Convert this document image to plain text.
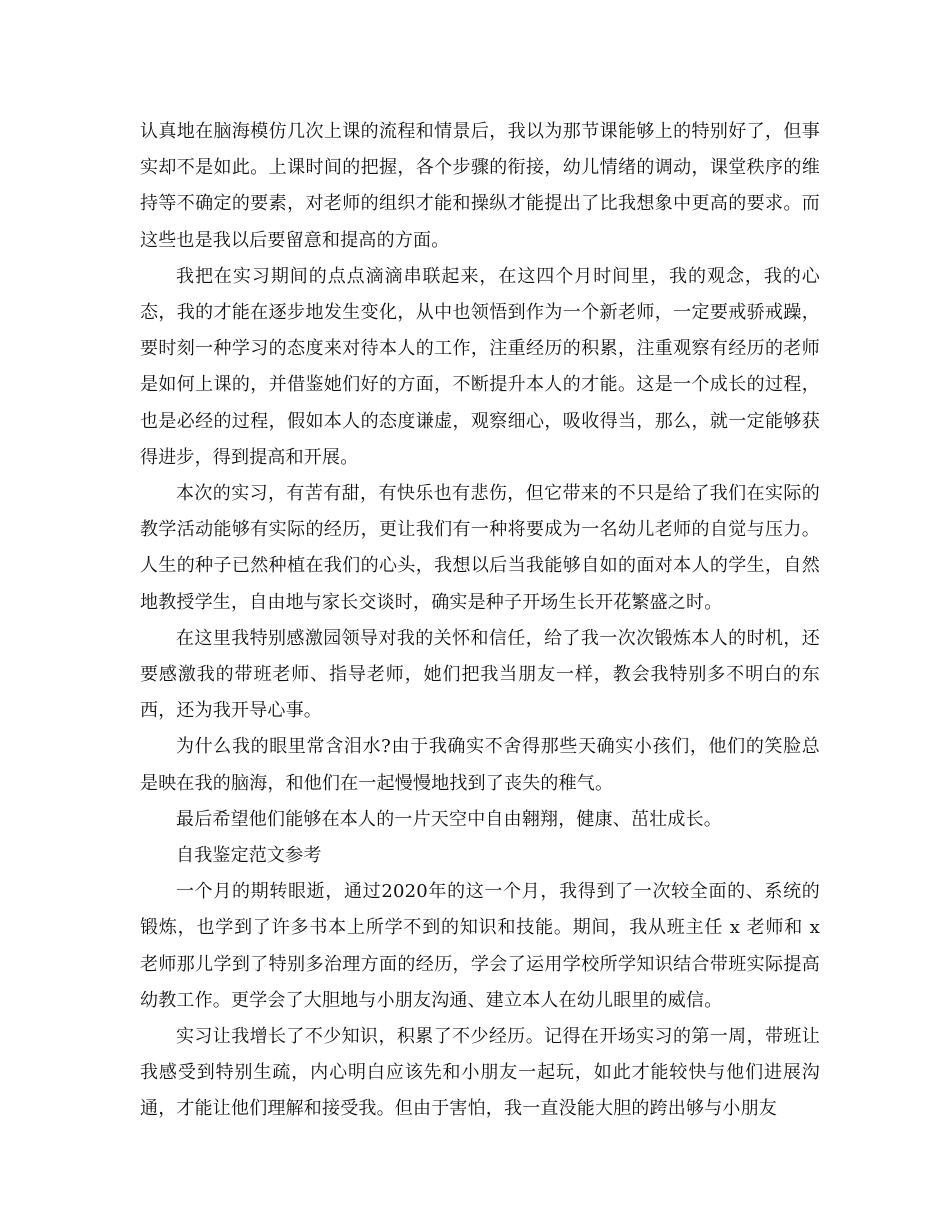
认真地在脑海模仿几次上课的流程和情景后，我以为那节课能够上的特别好了，但事实却不是如此。上课时间的把握，各个步骤的衔接，幼儿情绪的调动，课堂秩序的维持等不确定的要素，对老师的组织才能和操纵才能提出了比我想象中更高的要求。而这些也是我以后要留意和提高的方面。

我把在实习期间的点点滴滴串联起来，在这四个月时间里，我的观念，我的心态，我的才能在逐步地发生变化，从中也领悟到作为一个新老师，一定要戒骄戒躁，要时刻一种学习的态度来对待本人的工作，注重经历的积累，注重观察有经历的老师是如何上课的，并借鉴她们好的方面，不断提升本人的才能。这是一个成长的过程，也是必经的过程，假如本人的态度谦虚，观察细心，吸收得当，那么，就一定能够获得进步，得到提高和开展。

本次的实习，有苦有甜，有快乐也有悲伤，但它带来的不只是给了我们在实际的教学活动能够有实际的经历，更让我们有一种将要成为一名幼儿老师的自觉与压力。人生的种子已然种植在我们的心头，我想以后当我能够自如的面对本人的学生，自然地教授学生，自由地与家长交谈时，确实是种子开场生长开花繁盛之时。

在这里我特别感激园领导对我的关怀和信任，给了我一次次锻炼本人的时机，还要感激我的带班老师、指导老师，她们把我当朋友一样，教会我特别多不明白的东西，还为我开导心事。

为什么我的眼里常含泪水?由于我确实不舍得那些天确实小孩们，他们的笑脸总是映在我的脑海，和他们在一起慢慢地找到了丧失的稚气。

最后希望他们能够在本人的一片天空中自由翱翔，健康、茁壮成长。

自我鉴定范文参考

一个月的期转眼逝，通过2020年的这一个月，我得到了一次较全面的、系统的锻炼，也学到了许多书本上所学不到的知识和技能。期间，我从班主任 x 老师和 x 老师那儿学到了特别多治理方面的经历，学会了运用学校所学知识结合带班实际提高幼教工作。更学会了大胆地与小朋友沟通、建立本人在幼儿眼里的威信。

实习让我增长了不少知识，积累了不少经历。记得在开场实习的第一周，带班让我感受到特别生疏，内心明白应该先和小朋友一起玩，如此才能较快与他们进展沟通，才能让他们理解和接受我。但由于害怕，我一直没能大胆的跨出够与小朋友
